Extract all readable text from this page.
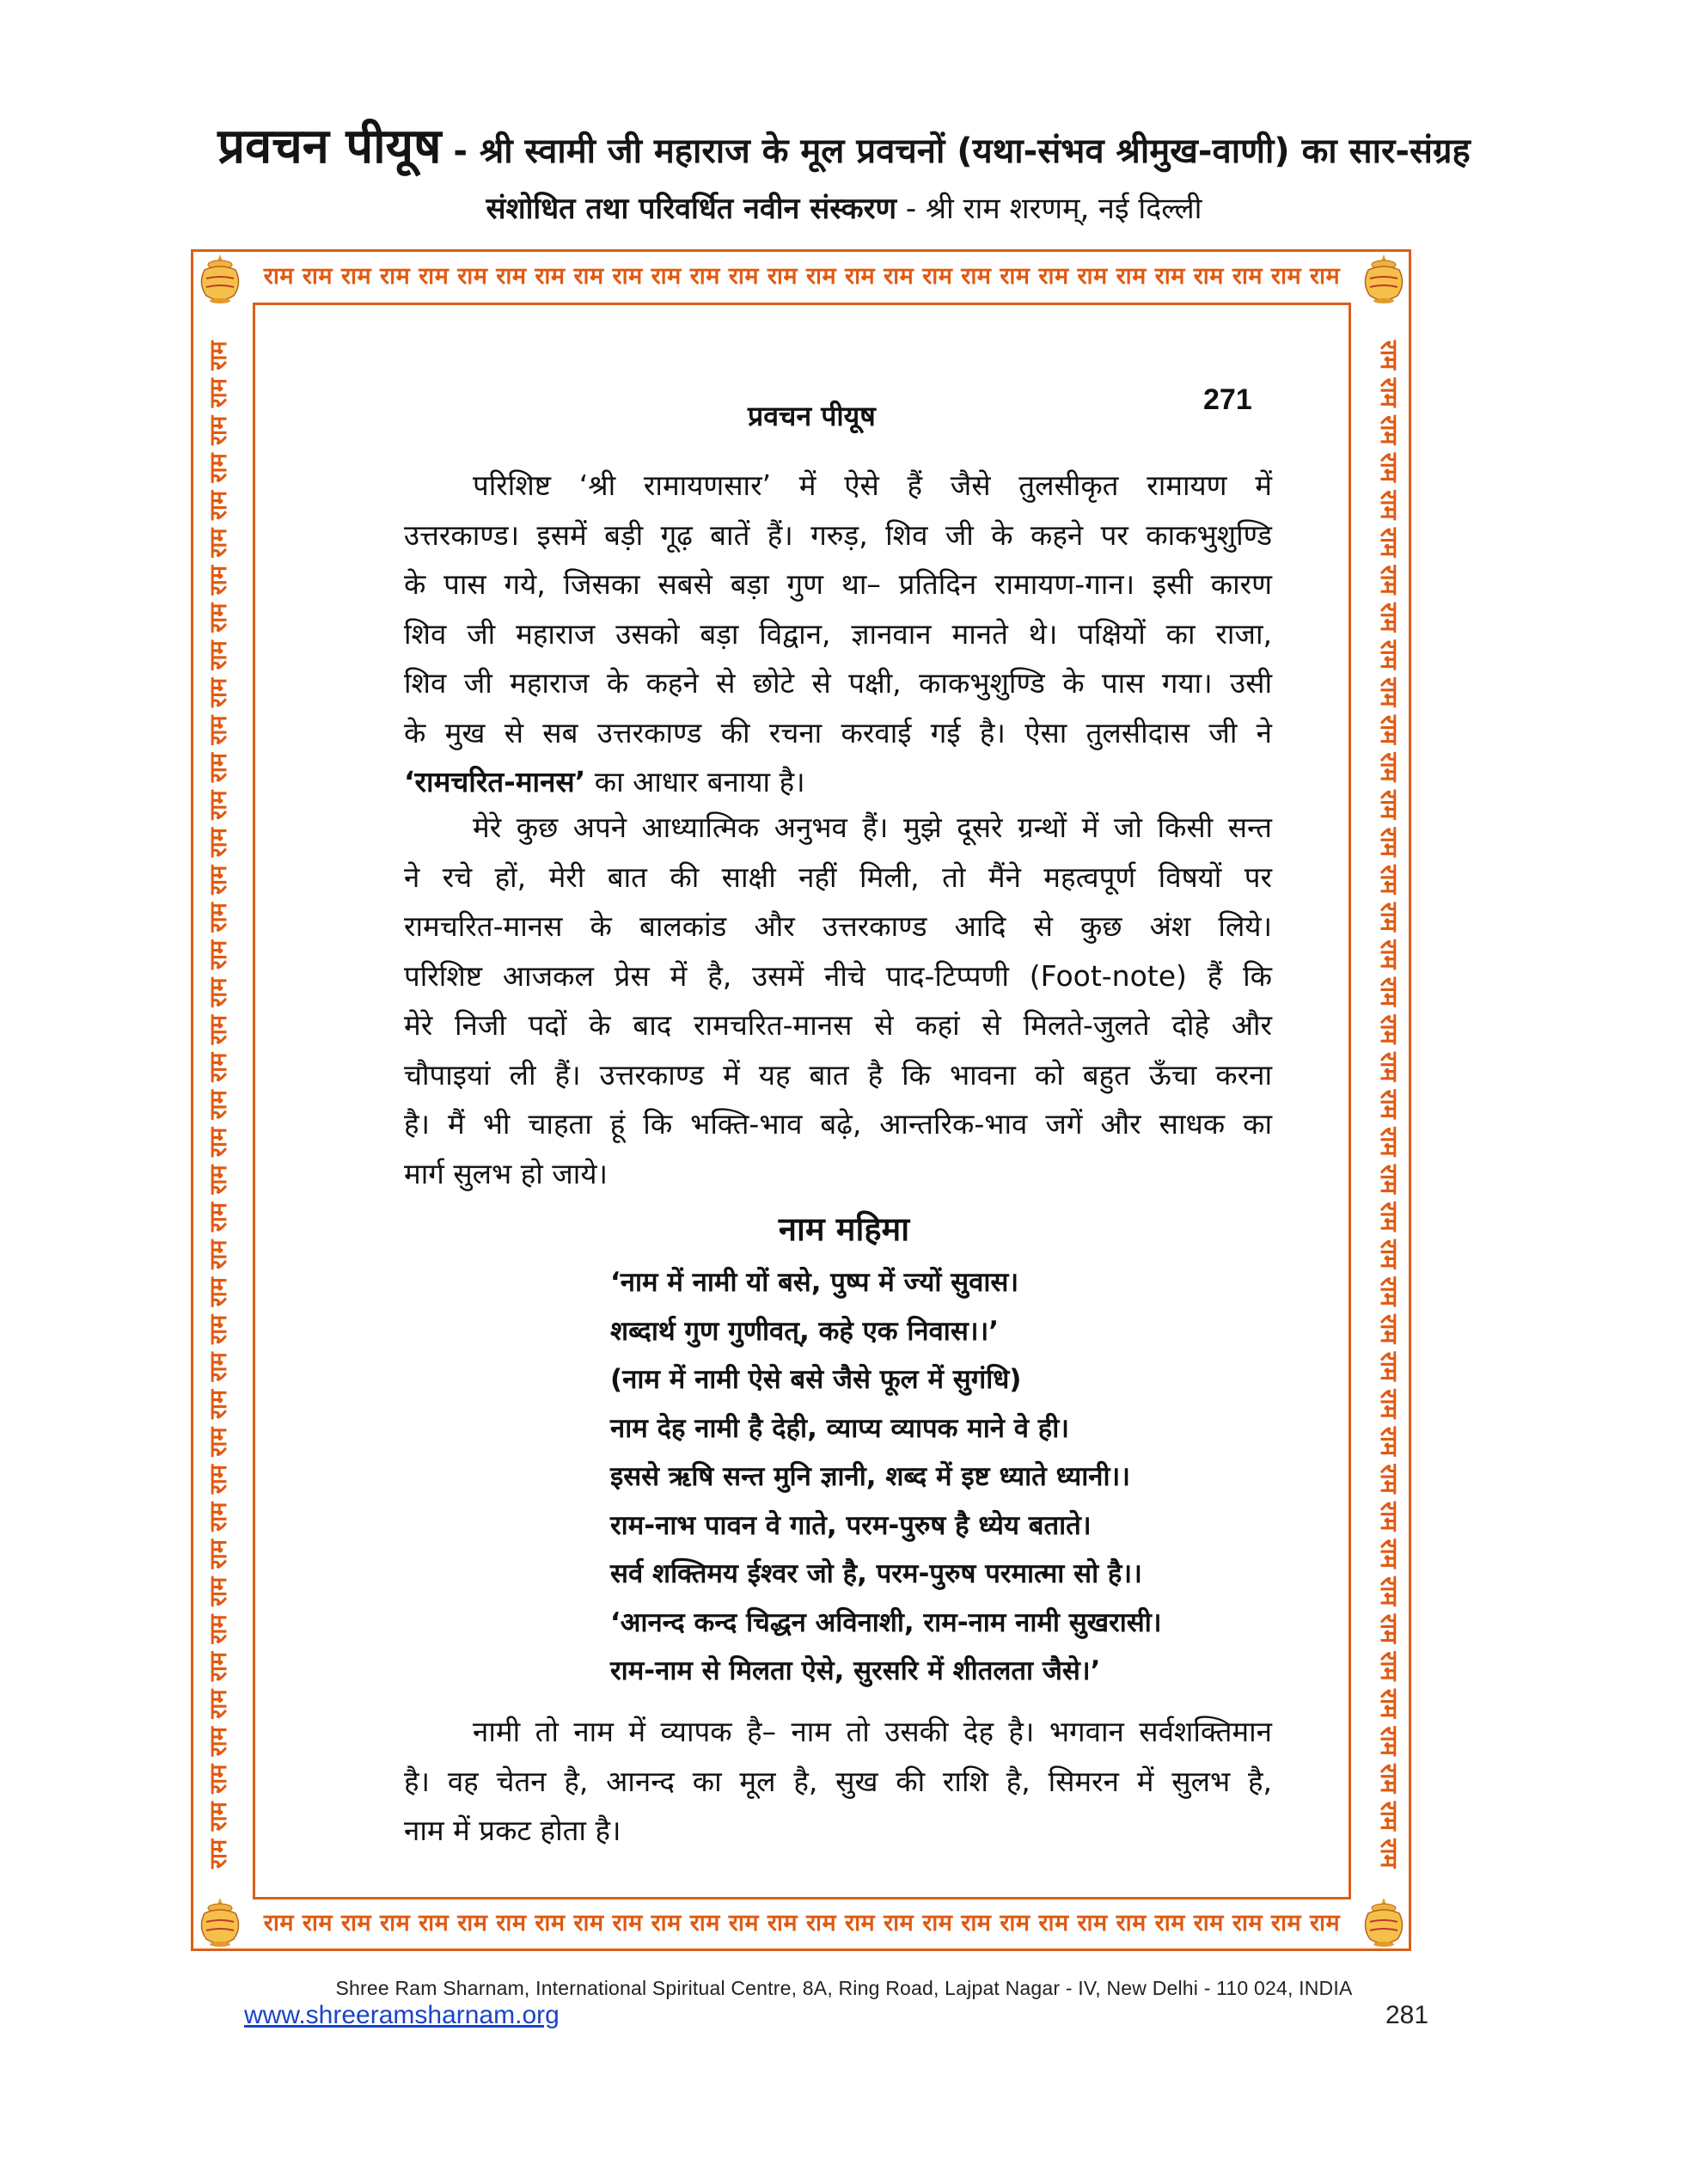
प्रवचन पीयूष - श्री स्वामी जी महाराज के मूल प्रवचनों (यथा-संभव श्रीमुख-वाणी) का सार-संग्रह
संशोधित तथा परिवर्धित नवीन संस्करण - श्री राम शरणम्, नई दिल्ली
राम राम राम राम राम राम राम राम राम राम राम राम राम राम राम राम राम राम राम राम राम राम राम राम राम राम राम राम
राम राम राम राम राम राम राम राम राम राम राम राम राम राम राम राम राम राम राम राम राम राम राम राम राम राम राम राम
राम राम राम राम राम राम राम राम राम राम राम राम राम राम राम राम राम राम राम राम राम राम राम राम राम राम राम राम राम राम राम राम राम राम राम राम राम राम राम राम राम	राम राम राम राम राम राम राम राम राम राम राम राम राम राम राम राम राम राम राम राम राम राम राम राम राम राम राम राम राम राम राम राम राम राम राम राम राम राम राम राम राम
प्रवचन पीयूष	271
परिशिष्ट ‘श्री रामायणसार’ में ऐसे हैं जैसे तुलसीकृत रामायण में
उत्तरकाण्ड। इसमें बड़ी गूढ़ बातें हैं। गरुड़, शिव जी के कहने पर काकभुशुण्डि
के पास गये, जिसका सबसे बड़ा गुण था– प्रतिदिन रामायण-गान। इसी कारण
शिव जी महाराज उसको बड़ा विद्वान, ज्ञानवान मानते थे। पक्षियों का राजा,
शिव जी महाराज के कहने से छोटे से पक्षी, काकभुशुण्डि के पास गया। उसी
के मुख से सब उत्तरकाण्ड की रचना करवाई गई है। ऐसा तुलसीदास जी ने
‘रामचरित-मानस’ का आधार बनाया है।
मेरे कुछ अपने आध्यात्मिक अनुभव हैं। मुझे दूसरे ग्रन्थों में जो किसी सन्त
ने रचे हों, मेरी बात की साक्षी नहीं मिली, तो मैंने महत्वपूर्ण विषयों पर
रामचरित-मानस के बालकांड और उत्तरकाण्ड आदि से कुछ अंश लिये।
परिशिष्ट आजकल प्रेस में है, उसमें नीचे पाद-टिप्पणी (Foot-note) हैं कि
मेरे निजी पदों के बाद रामचरित-मानस से कहां से मिलते-जुलते दोहे और
चौपाइयां ली हैं। उत्तरकाण्ड में यह बात है कि भावना को बहुत ऊँचा करना
है। मैं भी चाहता हूं कि भक्ति-भाव बढ़े, आन्तरिक-भाव जगें और साधक का
मार्ग सुलभ हो जाये।
नाम महिमा
‘नाम में नामी यों बसे, पुष्प में ज्यों सुवास।
शब्दार्थ गुण गुणीवत्, कहे एक निवास।।’
(नाम में नामी ऐसे बसे जैसे फूल में सुगंधि)
नाम देह नामी है देही, व्याप्य व्यापक माने वे ही।
इससे ऋषि सन्त मुनि ज्ञानी, शब्द में इष्ट ध्याते ध्यानी।।
राम-नाभ पावन वे गाते, परम-पुरुष है ध्येय बताते।
सर्व शक्तिमय ईश्वर जो है, परम-पुरुष परमात्मा सो है।।
‘आनन्द कन्द चिद्धन अविनाशी, राम-नाम नामी सुखरासी।
राम-नाम से मिलता ऐसे, सुरसरि में शीतलता जैसे।’
नामी तो नाम में व्यापक है– नाम तो उसकी देह है। भगवान सर्वशक्तिमान
है। वह चेतन है, आनन्द का मूल है, सुख की राशि है, सिमरन में सुलभ है,
नाम में प्रकट होता है।
Shree Ram Sharnam, International Spiritual Centre, 8A, Ring Road, Lajpat Nagar - IV, New Delhi - 110 024, INDIA
www.shreeramsharnam.org	281
